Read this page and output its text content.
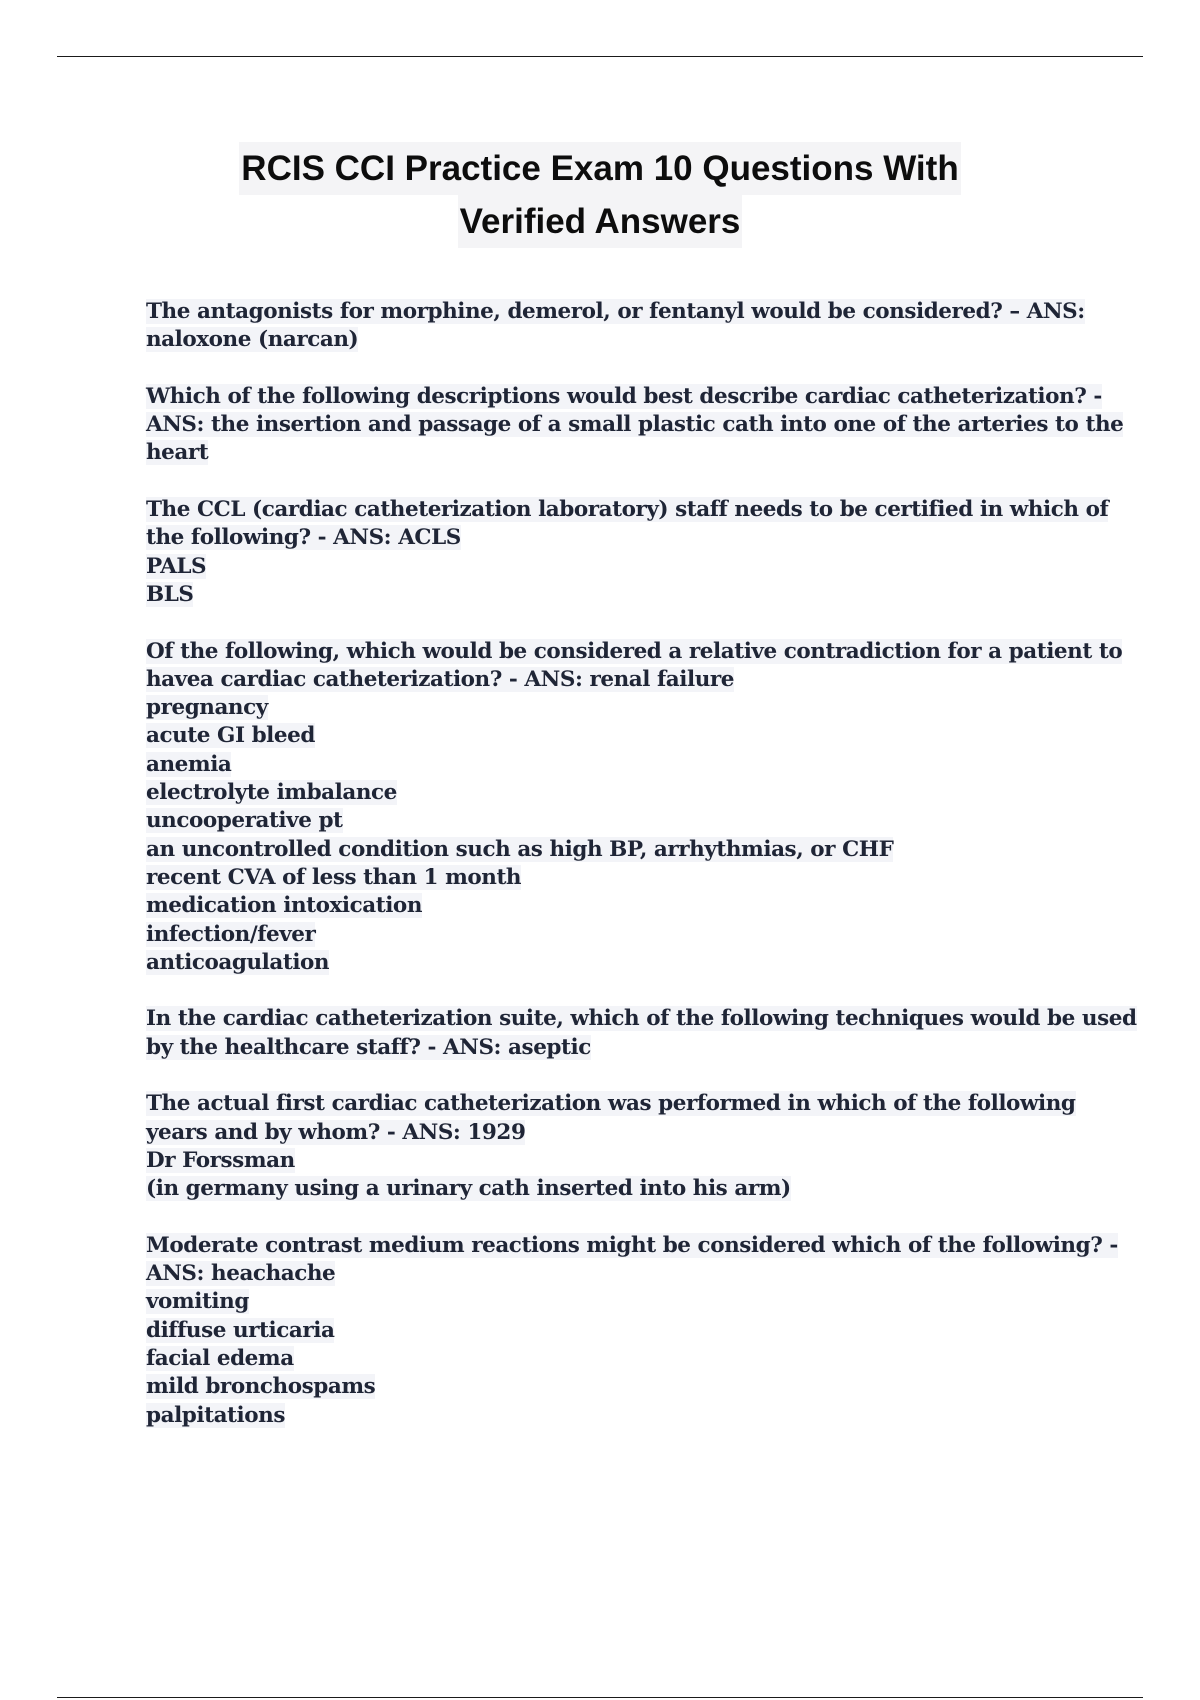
RCIS CCI Practice Exam 10 Questions With
Verified Answers
The antagonists for morphine, demerol, or fentanyl would be considered? – ANS:
naloxone (narcan)
Which of the following descriptions would best describe cardiac catheterization? -
ANS: the insertion and passage of a small plastic cath into one of the arteries to the
heart
The CCL (cardiac catheterization laboratory) staff needs to be certified in which of
the following? - ANS: ACLS
PALS
BLS
Of the following, which would be considered a relative contradiction for a patient to
havea cardiac catheterization? - ANS: renal failure
pregnancy
acute GI bleed
anemia
electrolyte imbalance
uncooperative pt
an uncontrolled condition such as high BP, arrhythmias, or CHF
recent CVA of less than 1 month
medication intoxication
infection/fever
anticoagulation
In the cardiac catheterization suite, which of the following techniques would be used
by the healthcare staff? - ANS: aseptic
The actual first cardiac catheterization was performed in which of the following
years and by whom? - ANS: 1929
Dr Forssman
(in germany using a urinary cath inserted into his arm)
Moderate contrast medium reactions might be considered which of the following? -
ANS: heachache
vomiting
diffuse urticaria
facial edema
mild bronchospams
palpitations
